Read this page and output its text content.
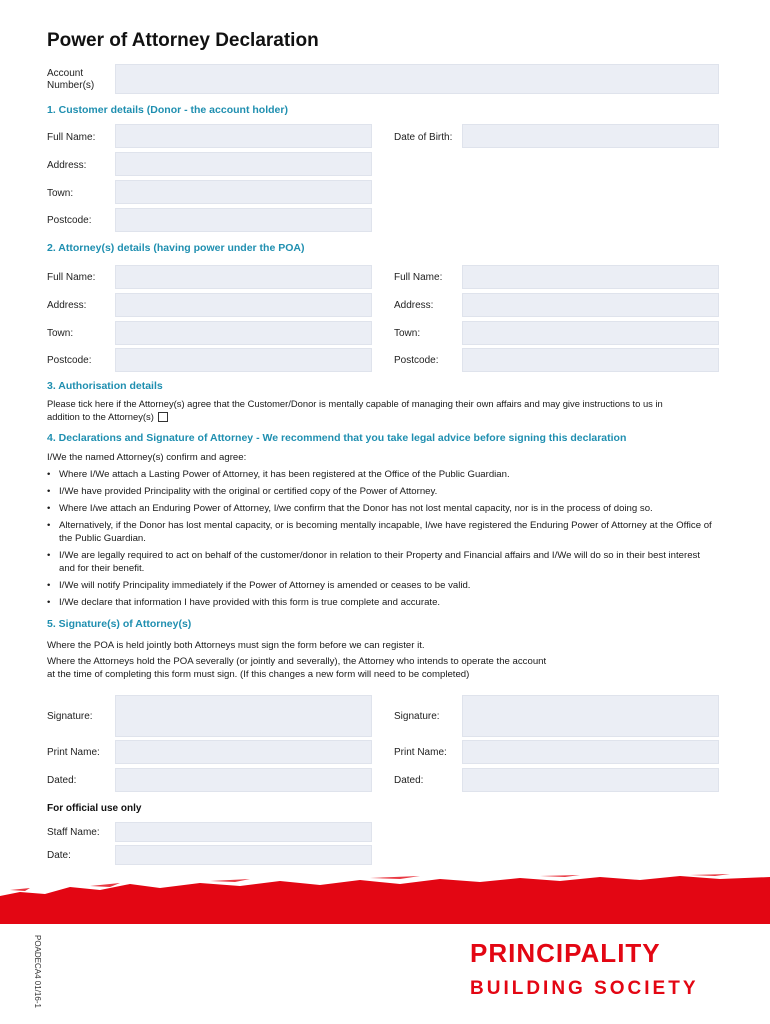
Power of Attorney Declaration
Account
Number(s)
1. Customer details (Donor - the account holder)
Full Name:	Date of Birth:
Address:
Town:
Postcode:
2. Attorney(s) details (having power under the POA)
Full Name:	Full Name:
Address:	Address:
Town:	Town:
Postcode:	Postcode:
3. Authorisation details
Please tick here if the Attorney(s) agree that the Customer/Donor is mentally capable of managing their own affairs and may give instructions to us in
addition to the Attorney(s)
4. Declarations and Signature of Attorney - We recommend that you take legal advice before signing this declaration
I/We the named Attorney(s) confirm and agree:
• Where I/We attach a Lasting Power of Attorney, it has been registered at the Office of the Public Guardian.
• I/We have provided Principality with the original or certified copy of the Power of Attorney.
• Where I/we attach an Enduring Power of Attorney, I/we confirm that the Donor has not lost mental capacity, nor is in the process of doing so.
• Alternatively, if the Donor has lost mental capacity, or is becoming mentally incapable, I/we have registered the Enduring Power of Attorney at the Office of the Public Guardian.
• I/We are legally required to act on behalf of the customer/donor in relation to their Property and Financial affairs and I/We will do so in their best interest and for their benefit.
• I/We will notify Principality immediately if the Power of Attorney is amended or ceases to be valid.
• I/We declare that information I have provided with this form is true complete and accurate.
5. Signature(s) of Attorney(s)
Where the POA is held jointly both Attorneys must sign the form before we can register it.
Where the Attorneys hold the POA severally (or jointly and severally), the Attorney who intends to operate the account
at the time of completing this form must sign. (If this changes a new form will need to be completed)
Signature:	Signature:
Print Name:	Print Name:
Dated:	Dated:
For official use only
Staff Name:
Date:
POADECA4 01/16-1	PRINCIPALITY
BUILDING SOCIETY
